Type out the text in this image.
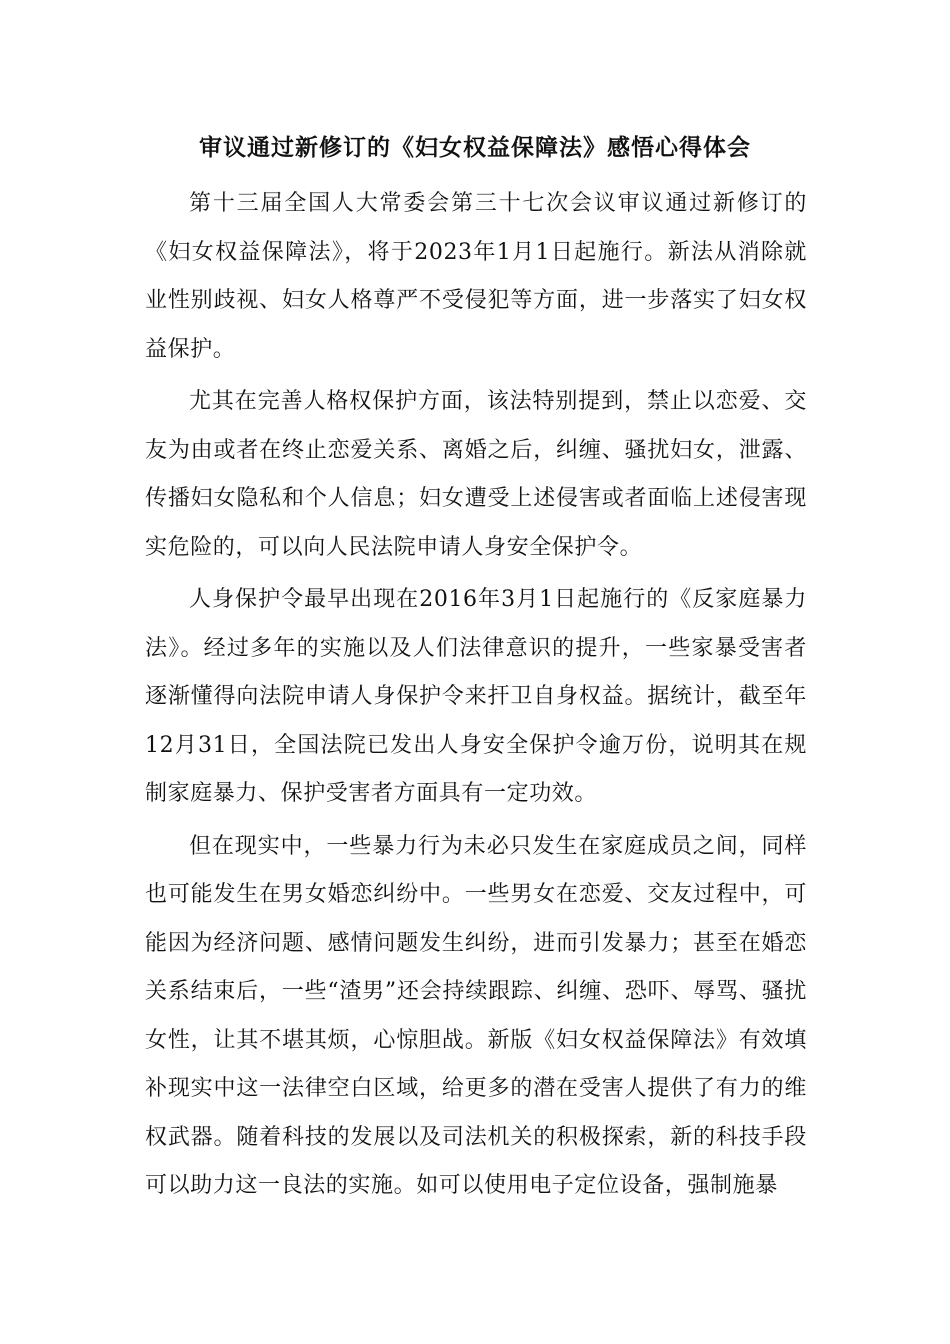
审议通过新修订的《妇女权益保障法》感悟心得体会

第十三届全国人大常委会第三十七次会议审议通过新修订的《妇女权益保障法》，将于2023年1月1日起施行。新法从消除就业性别歧视、妇女人格尊严不受侵犯等方面，进一步落实了妇女权益保护。

尤其在完善人格权保护方面，该法特别提到，禁止以恋爱、交友为由或者在终止恋爱关系、离婚之后，纠缠、骚扰妇女，泄露、传播妇女隐私和个人信息；妇女遭受上述侵害或者面临上述侵害现实危险的，可以向人民法院申请人身安全保护令。

人身保护令最早出现在2016年3月1日起施行的《反家庭暴力法》。经过多年的实施以及人们法律意识的提升，一些家暴受害者逐渐懂得向法院申请人身保护令来扞卫自身权益。据统计，截至年12月31日，全国法院已发出人身安全保护令逾万份，说明其在规制家庭暴力、保护受害者方面具有一定功效。

但在现实中，一些暴力行为未必只发生在家庭成员之间，同样也可能发生在男女婚恋纠纷中。一些男女在恋爱、交友过程中，可能因为经济问题、感情问题发生纠纷，进而引发暴力；甚至在婚恋关系结束后，一些“渣男”还会持续跟踪、纠缠、恐吓、辱骂、骚扰女性，让其不堪其烦，心惊胆战。新版《妇女权益保障法》有效填补现实中这一法律空白区域，给更多的潜在受害人提供了有力的维权武器。随着科技的发展以及司法机关的积极探索，新的科技手段可以助力这一良法的实施。如可以使用电子定位设备，强制施暴
